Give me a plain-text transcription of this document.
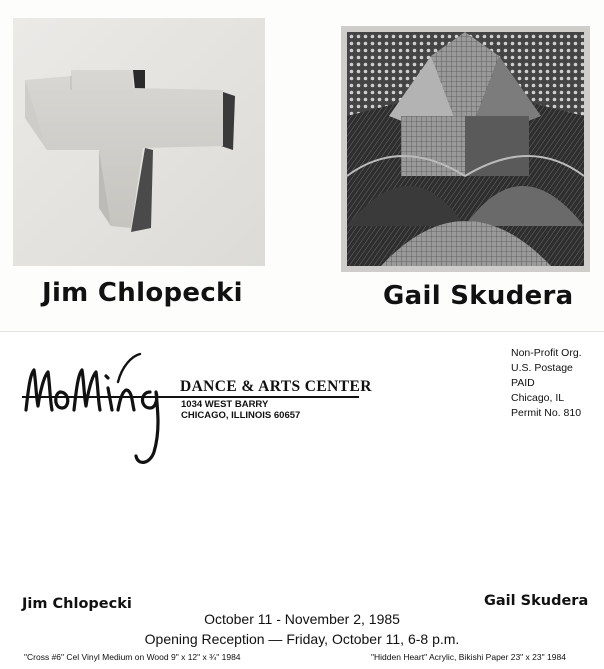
Jim Chlopecki	Gail Skudera
DANCE & ARTS CENTER
1034 WEST BARRY
CHICAGO, ILLINOIS 60657
Non-Profit Org.
U.S. Postage
PAID
Chicago, IL
Permit No. 810
Jim Chlopecki	Gail Skudera
October 11 - November 2, 1985
Opening Reception — Friday, October 11, 6-8 p.m.
"Cross #6" Cel Vinyl Medium on Wood 9" x 12" x ¾" 1984	"Hidden Heart" Acrylic, Bikishi Paper 23" x 23" 1984
